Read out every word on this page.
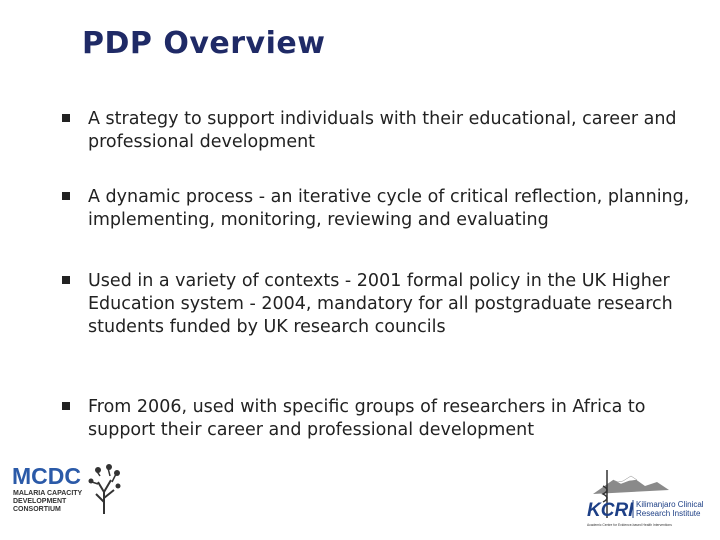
PDP Overview
A strategy to support individuals with their educational, career and professional development
A dynamic process - an iterative cycle of critical reflection, planning, implementing, monitoring, reviewing and evaluating
Used in a variety of contexts - 2001 formal policy in the UK Higher Education system - 2004, mandatory for all postgraduate research students funded by UK research councils
From 2006, used with specific groups of researchers in Africa to support their career and professional development
MCDC
MALARIA CAPACITY
DEVELOPMENT
CONSORTIUM	KCRI Kilimanjaro Clinical
Research Institute
Academic Centre for Evidence-based Health Interventions
